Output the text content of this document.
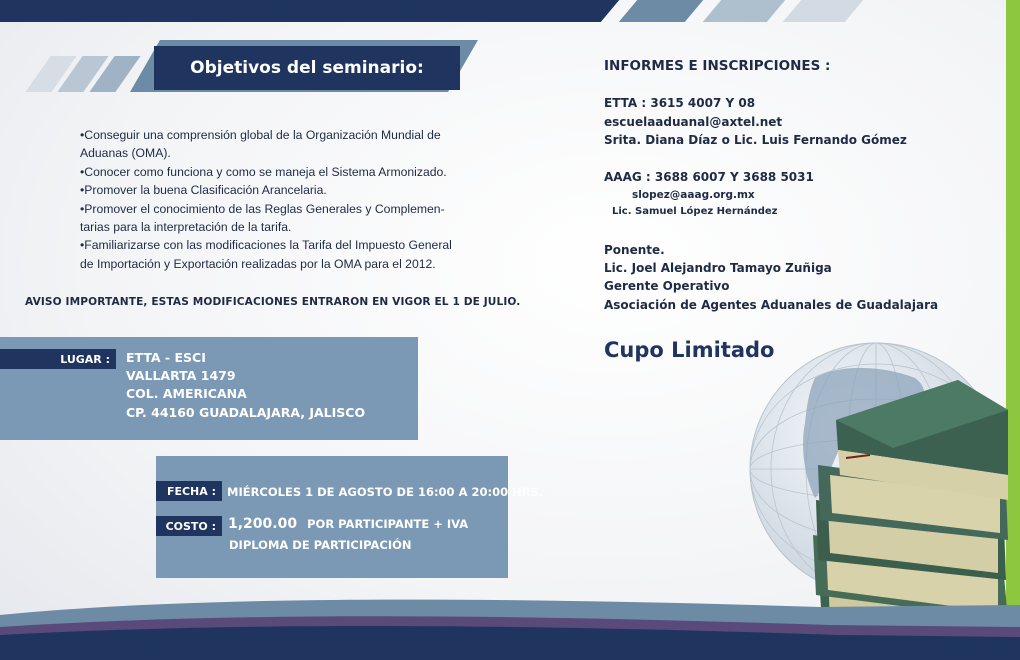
Objetivos del seminario:

•Conseguir una comprensión global de la Organización Mundial de

Aduanas (OMA).

•Conocer como funciona y como se maneja el Sistema Armonizado.

•Promover la buena Clasificación Arancelaria.

•Promover el conocimiento de las Reglas Generales y Complemen-

tarias para la interpretación de la tarifa.

•Familiarizarse con las modificaciones la Tarifa del Impuesto General

de Importación y Exportación realizadas por la OMA para el 2012.

AVISO IMPORTANTE, ESTAS MODIFICACIONES ENTRARON EN VIGOR EL 1 DE JULIO.
LUGAR : ETTA - ESCI
VALLARTA 1479
COL. AMERICANA
CP. 44160 GUADALAJARA, JALISCO
FECHA : MIÉRCOLES 1 DE AGOSTO DE 16:00 A 20:00 HRS.
COSTO : 1,200.00 POR PARTICIPANTE + IVA
DIPLOMA DE PARTICIPACIÓN
INFORMES E INSCRIPCIONES :
ETTA : 3615 4007 Y 08
escuelaaduanal@axtel.net
Srita. Diana Díaz o Lic. Luis Fernando Gómez
AAAG : 3688 6007 Y 3688 5031
slopez@aaag.org.mx
Lic. Samuel López Hernández
Ponente.
Lic. Joel Alejandro Tamayo Zuñiga
Gerente Operativo
Asociación de Agentes Aduanales de Guadalajara
Cupo Limitado
